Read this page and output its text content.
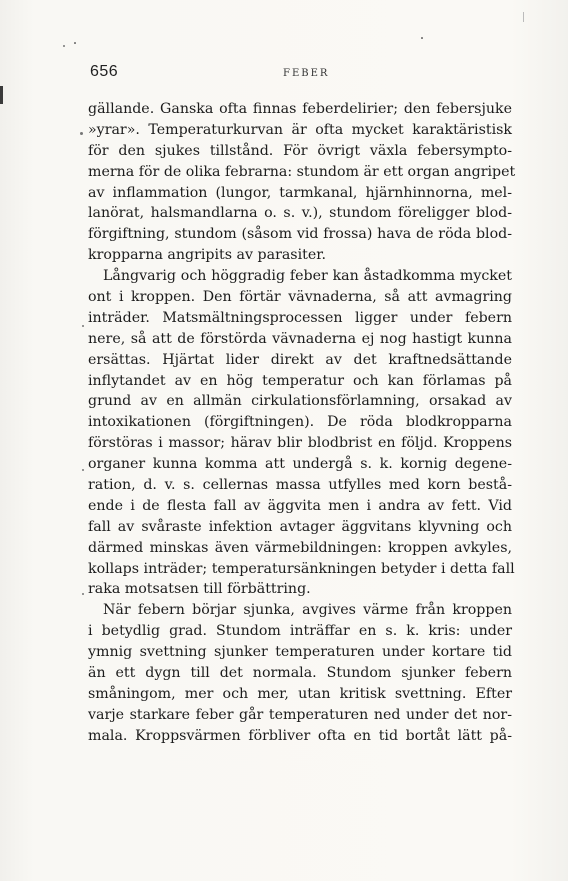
656	FEBER
gällande. Ganska ofta finnas feberdelirier; den febersjuke
»yrar». Temperaturkurvan är ofta mycket karaktäristisk
för den sjukes tillstånd. För övrigt växla febersympto-
merna för de olika febrarna: stundom är ett organ angripet
av inflammation (lungor, tarmkanal, hjärnhinnorna, mel-
lanörat, halsmandlarna o. s. v.), stundom föreligger blod-
förgiftning, stundom (såsom vid frossa) hava de röda blod-
kropparna angripits av parasiter.
Långvarig och höggradig feber kan åstadkomma mycket
ont i kroppen. Den förtär vävnaderna, så att avmagring
inträder. Matsmältningsprocessen ligger under febern
nere, så att de förstörda vävnaderna ej nog hastigt kunna
ersättas. Hjärtat lider direkt av det kraftnedsättande
inflytandet av en hög temperatur och kan förlamas på
grund av en allmän cirkulationsförlamning, orsakad av
intoxikationen (förgiftningen). De röda blodkropparna
förstöras i massor; härav blir blodbrist en följd. Kroppens
organer kunna komma att undergå s. k. kornig degene-
ration, d. v. s. cellernas massa utfylles med korn bestå-
ende i de flesta fall av äggvita men i andra av fett. Vid
fall av svåraste infektion avtager äggvitans klyvning och
därmed minskas även värmebildningen: kroppen avkyles,
kollaps inträder; temperatursänkningen betyder i detta fall
raka motsatsen till förbättring.
När febern börjar sjunka, avgives värme från kroppen
i betydlig grad. Stundom inträffar en s. k. kris: under
ymnig svettning sjunker temperaturen under kortare tid
än ett dygn till det normala. Stundom sjunker febern
småningom, mer och mer, utan kritisk svettning. Efter
varje starkare feber går temperaturen ned under det nor-
mala. Kroppsvärmen förbliver ofta en tid bortåt lätt på-
